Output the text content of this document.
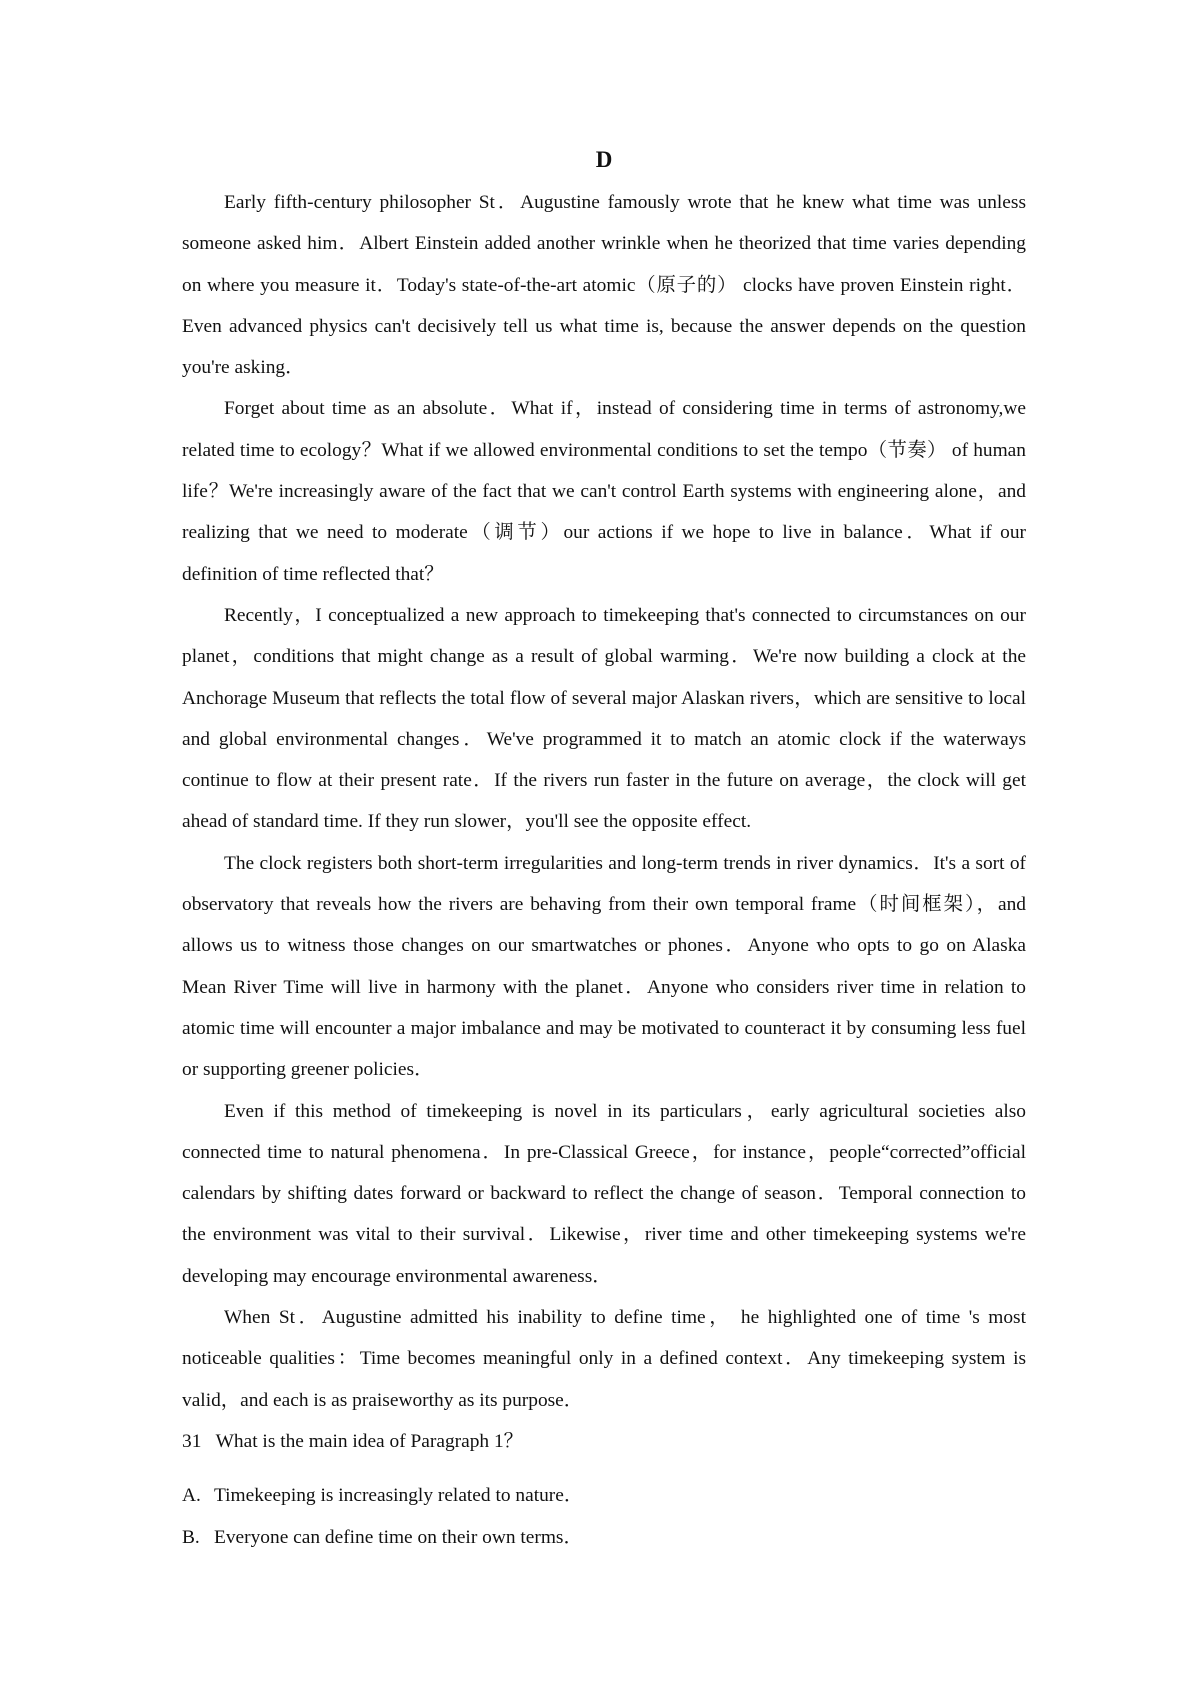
D

Early fifth-century philosopher St．Augustine famously wrote that he knew what time was unless someone asked him．Albert Einstein added another wrinkle when he theorized that time varies depending on where you measure it．Today's state-of-the-art atomic（原子的） clocks have proven Einstein right．Even advanced physics can't decisively tell us what time is, because the answer depends on the question you're asking．

Forget about time as an absolute．What if，instead of considering time in terms of astronomy,we related time to ecology？What if we allowed environmental conditions to set the tempo（节奏） of human life？We're increasingly aware of the fact that we can't control Earth systems with engineering alone，and realizing that we need to moderate（调节）our actions if we hope to live in balance．What if our definition of time reflected that？

Recently，I conceptualized a new approach to timekeeping that's connected to circumstances on our planet，conditions that might change as a result of global warming．We're now building a clock at the Anchorage Museum that reflects the total flow of several major Alaskan rivers，which are sensitive to local and global environmental changes．We've programmed it to match an atomic clock if the waterways continue to flow at their present rate．If the rivers run faster in the future on average，the clock will get ahead of standard time. If they run slower，you'll see the opposite effect.

The clock registers both short-term irregularities and long-term trends in river dynamics．It's a sort of observatory that reveals how the rivers are behaving from their own temporal frame（时间框架），and allows us to witness those changes on our smartwatches or phones．Anyone who opts to go on Alaska Mean River Time will live in harmony with the planet．Anyone who considers river time in relation to atomic time will encounter a major imbalance and may be motivated to counteract it by consuming less fuel or supporting greener policies．

Even if this method of timekeeping is novel in its particulars，early agricultural societies also connected time to natural phenomena．In pre-Classical Greece，for instance，people“corrected”official calendars by shifting dates forward or backward to reflect the change of season．Temporal connection to the environment was vital to their survival．Likewise，river time and other timekeeping systems we're developing may encourage environmental awareness．

When St．Augustine admitted his inability to define time， he highlighted one of time 's most noticeable qualities：Time becomes meaningful only in a defined context．Any timekeeping system is valid，and each is as praiseworthy as its purpose．

31 What is the main idea of Paragraph 1？

A. Timekeeping is increasingly related to nature．

B. Everyone can define time on their own terms．
